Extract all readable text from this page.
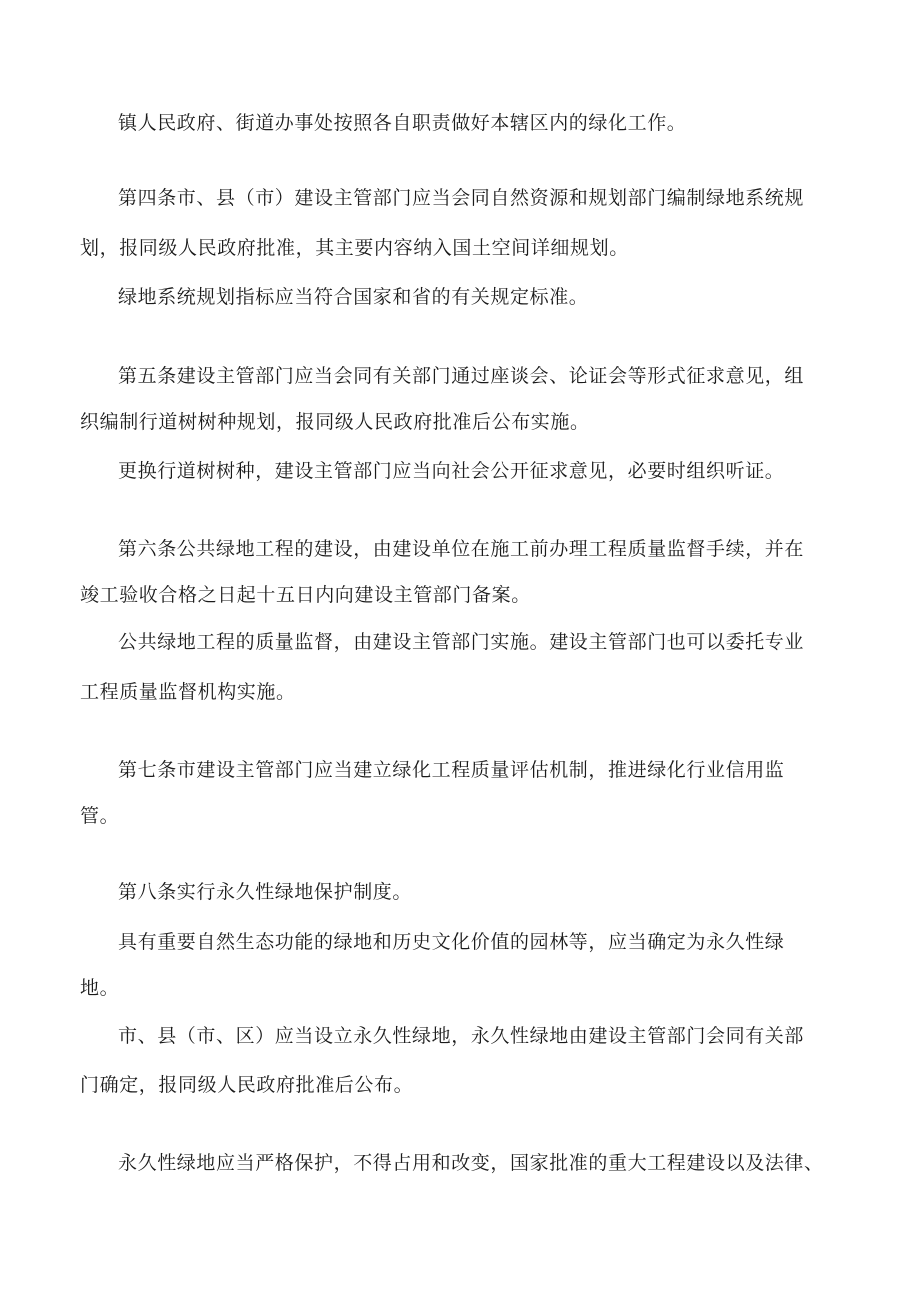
镇人民政府、街道办事处按照各自职责做好本辖区内的绿化工作。
第四条市、县（市）建设主管部门应当会同自然资源和规划部门编制绿地系统规
划，报同级人民政府批准，其主要内容纳入国土空间详细规划。
绿地系统规划指标应当符合国家和省的有关规定标准。
第五条建设主管部门应当会同有关部门通过座谈会、论证会等形式征求意见，组
织编制行道树树种规划，报同级人民政府批准后公布实施。
更换行道树树种，建设主管部门应当向社会公开征求意见，必要时组织听证。
第六条公共绿地工程的建设，由建设单位在施工前办理工程质量监督手续，并在
竣工验收合格之日起十五日内向建设主管部门备案。
公共绿地工程的质量监督，由建设主管部门实施。建设主管部门也可以委托专业
工程质量监督机构实施。
第七条市建设主管部门应当建立绿化工程质量评估机制，推进绿化行业信用监
管。
第八条实行永久性绿地保护制度。
具有重要自然生态功能的绿地和历史文化价值的园林等，应当确定为永久性绿
地。
市、县（市、区）应当设立永久性绿地，永久性绿地由建设主管部门会同有关部
门确定，报同级人民政府批准后公布。
永久性绿地应当严格保护，不得占用和改变，国家批准的重大工程建设以及法律、
